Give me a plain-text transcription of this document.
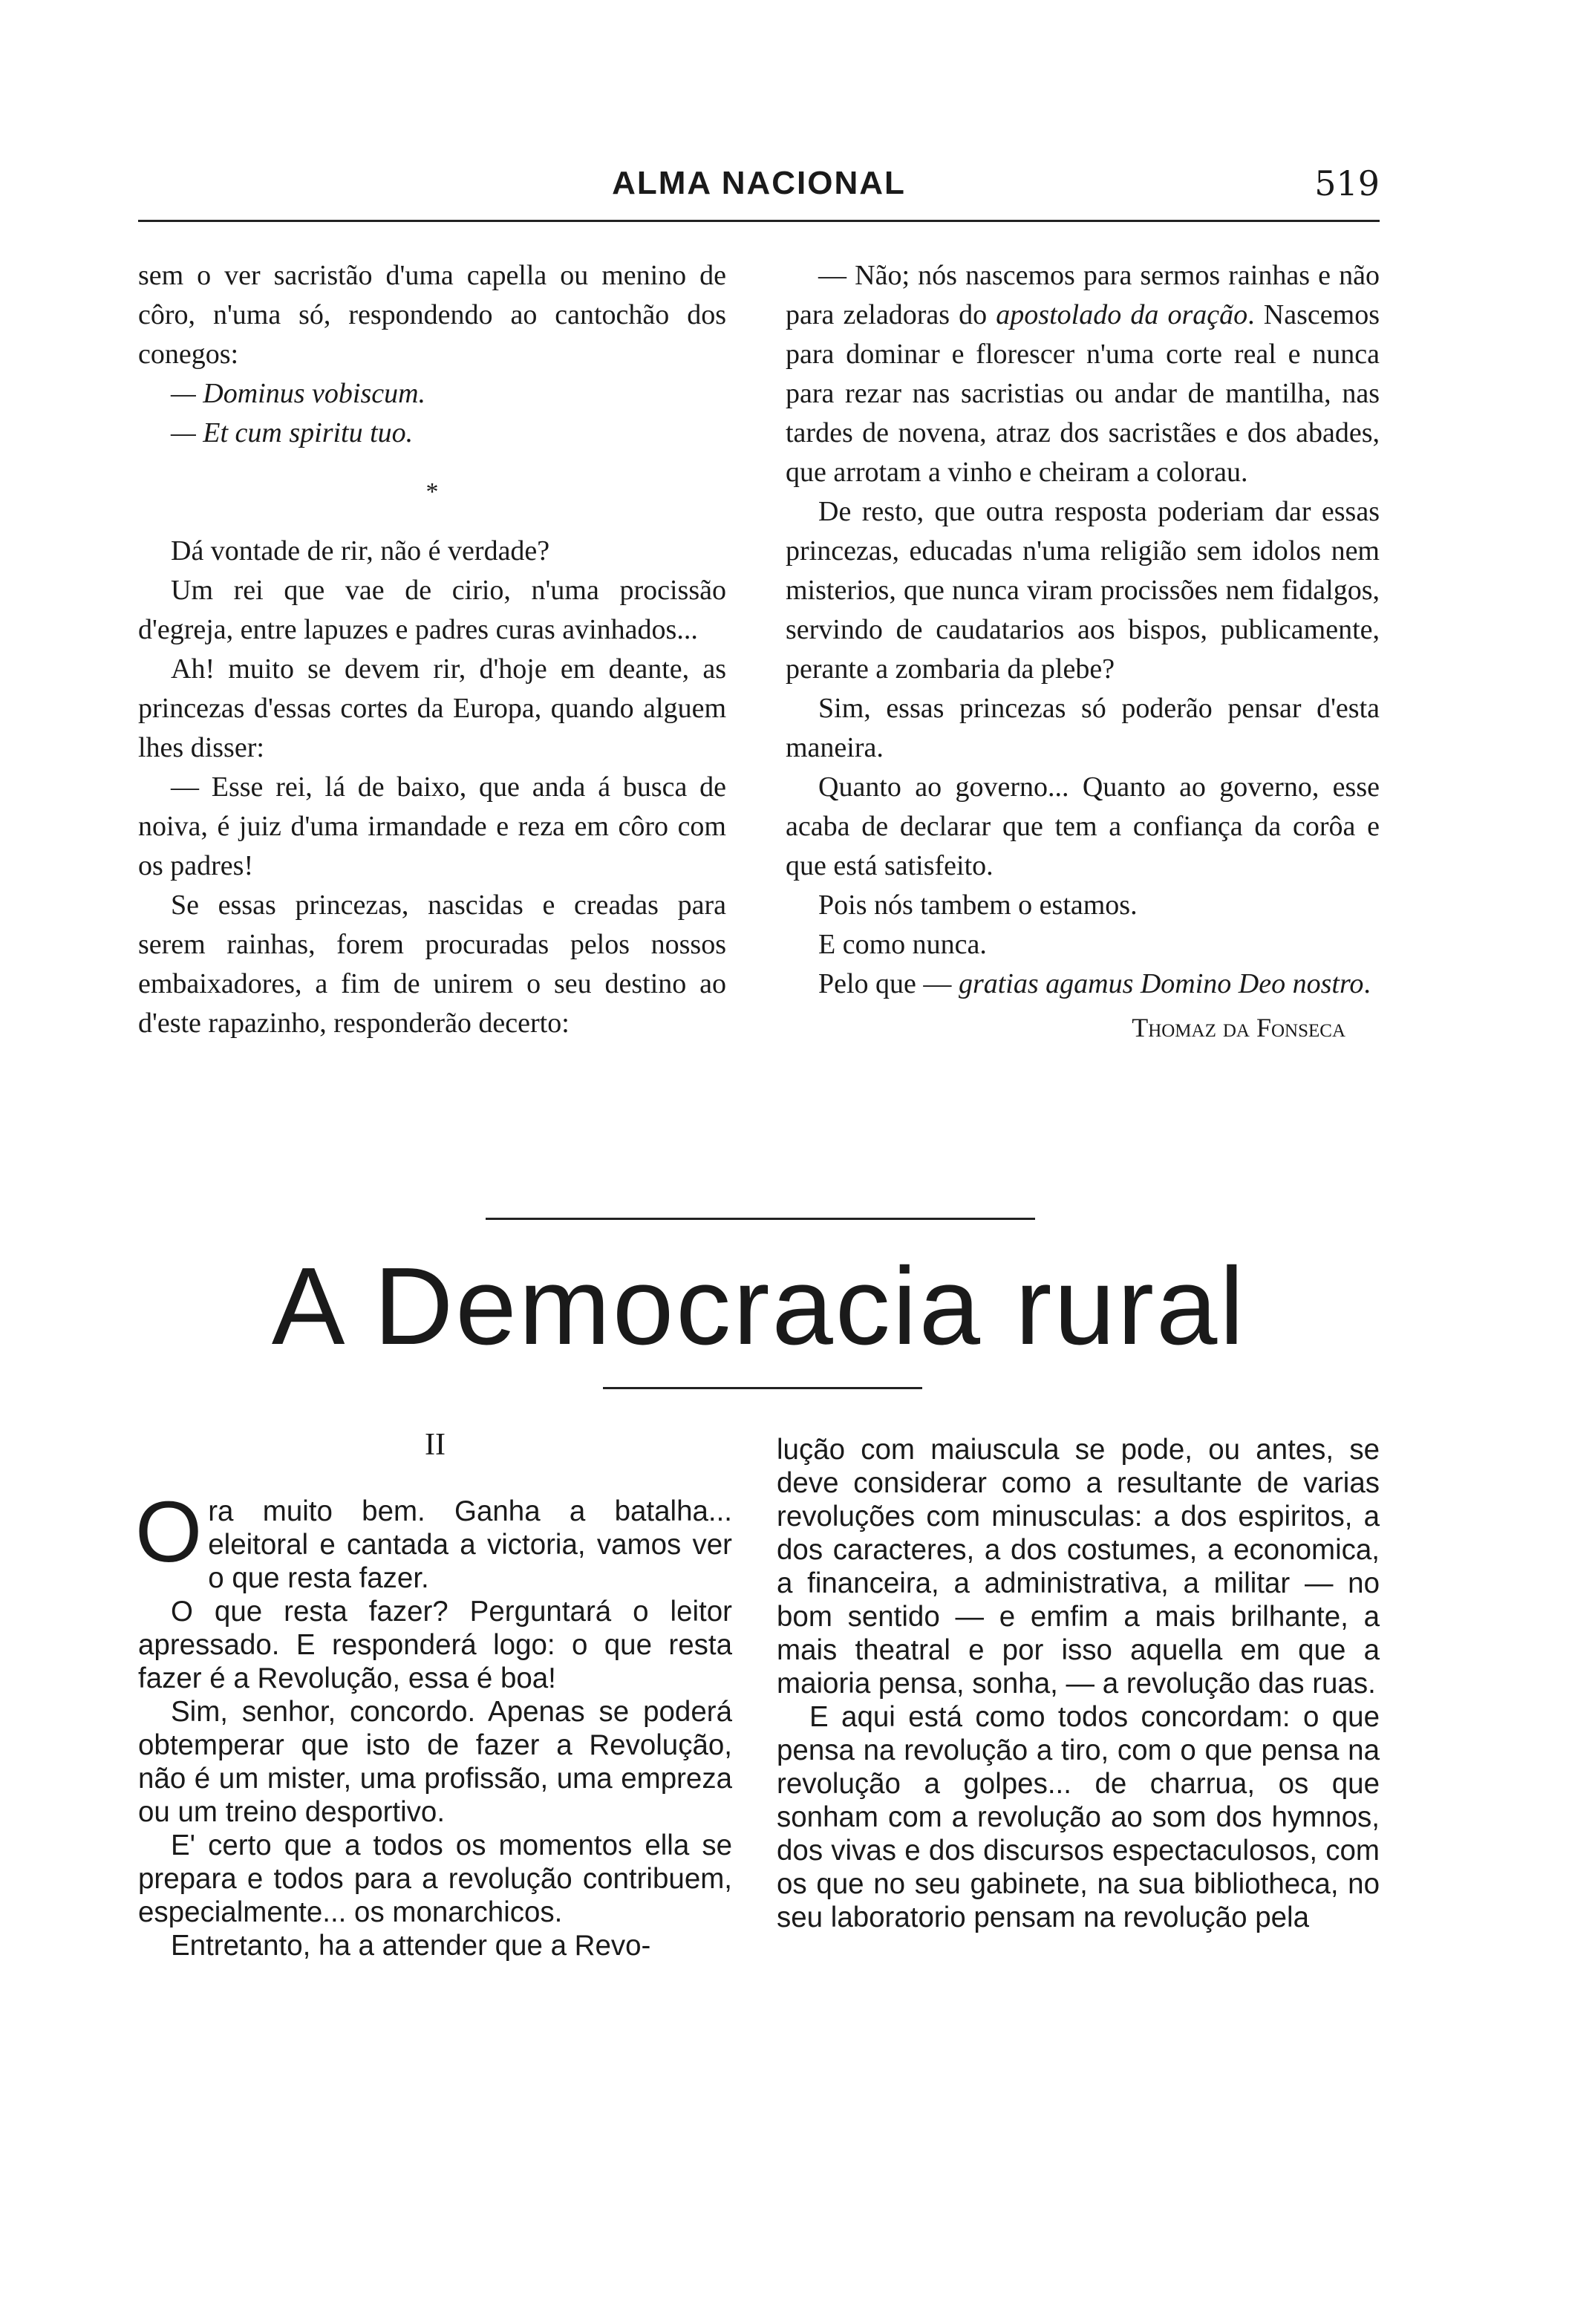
ALMA NACIONAL	519

sem o ver sacristão d'uma capella ou menino de côro, n'uma só, respondendo ao cantochão dos conegos:

— Dominus vobiscum.

— Et cum spiritu tuo.

*

Dá vontade de rir, não é verdade?

Um rei que vae de cirio, n'uma procissão d'egreja, entre lapuzes e padres curas avinhados...

Ah! muito se devem rir, d'hoje em deante, as princezas d'essas cortes da Europa, quando alguem lhes disser:

— Esse rei, lá de baixo, que anda á busca de noiva, é juiz d'uma irmandade e reza em côro com os padres!

Se essas princezas, nascidas e creadas para serem rainhas, forem procuradas pelos nossos embaixadores, a fim de unirem o seu destino ao d'este rapazinho, responderão decerto:

— Não; nós nascemos para sermos rainhas e não para zeladoras do apostolado da oração. Nascemos para dominar e florescer n'uma corte real e nunca para rezar nas sacristias ou andar de mantilha, nas tardes de novena, atraz dos sacristães e dos abades, que arrotam a vinho e cheiram a colorau.

De resto, que outra resposta poderiam dar essas princezas, educadas n'uma religião sem idolos nem misterios, que nunca viram procissões nem fidalgos, servindo de caudatarios aos bispos, publicamente, perante a zombaria da plebe?

Sim, essas princezas só poderão pensar d'esta maneira.

Quanto ao governo... Quanto ao governo, esse acaba de declarar que tem a confiança da corôa e que está satisfeito.

Pois nós tambem o estamos.

E como nunca.

Pelo que — gratias agamus Domino Deo nostro.

Thomaz da Fonseca

A Democracia rural
II

Ora muito bem. Ganha a batalha... eleitoral e cantada a victoria, vamos ver o que resta fazer.

O que resta fazer? Perguntará o leitor apressado. E responderá logo: o que resta fazer é a Revolução, essa é boa!

Sim, senhor, concordo. Apenas se poderá obtemperar que isto de fazer a Revolução, não é um mister, uma profissão, uma empreza ou um treino desportivo.

E' certo que a todos os momentos ella se prepara e todos para a revolução contribuem, especialmente... os monarchicos.

Entretanto, ha a attender que a Revo-

lução com maiuscula se pode, ou antes, se deve considerar como a resultante de varias revoluções com minusculas: a dos espiritos, a dos caracteres, a dos costumes, a economica, a financeira, a administrativa, a militar — no bom sentido — e emfim a mais brilhante, a mais theatral e por isso aquella em que a maioria pensa, sonha, — a revolução das ruas.

E aqui está como todos concordam: o que pensa na revolução a tiro, com o que pensa na revolução a golpes... de charrua, os que sonham com a revolução ao som dos hymnos, dos vivas e dos discursos espectaculosos, com os que no seu gabinete, na sua bibliotheca, no seu laboratorio pensam na revolução pela
